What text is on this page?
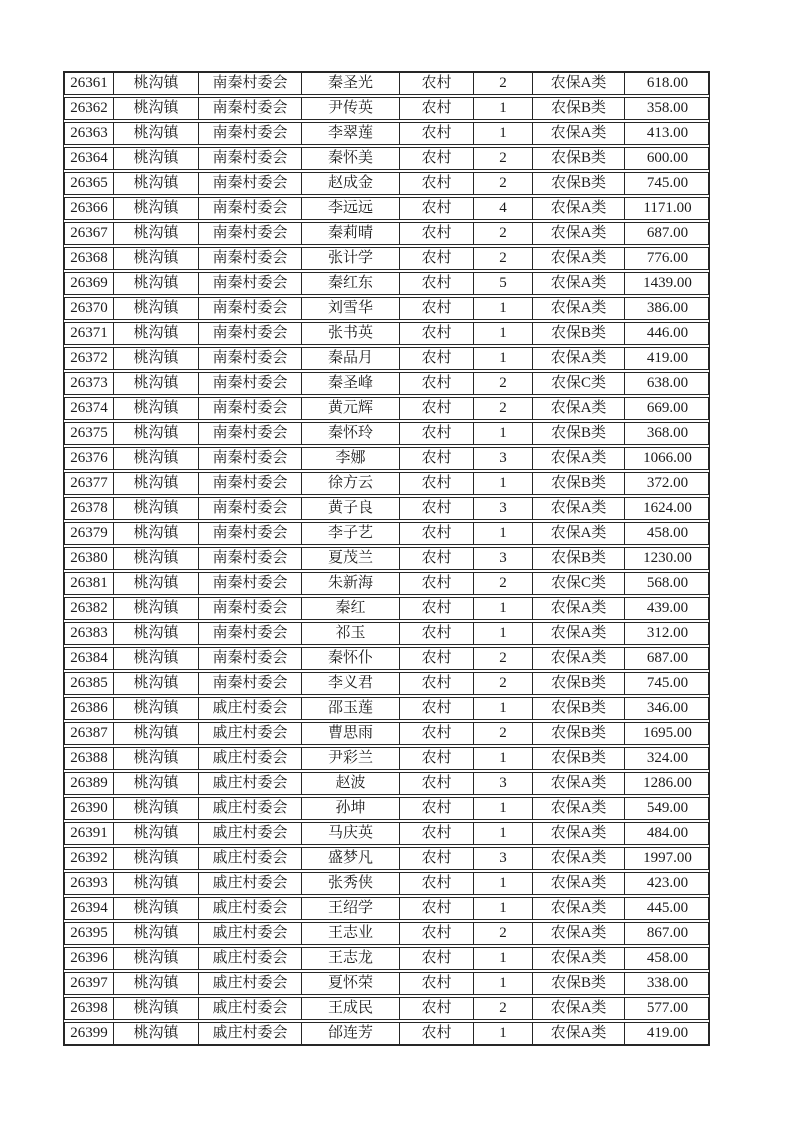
26361	桃沟镇	南秦村委会	秦圣光	农村	2	农保A类	618.00
26362	桃沟镇	南秦村委会	尹传英	农村	1	农保B类	358.00
26363	桃沟镇	南秦村委会	李翠莲	农村	1	农保A类	413.00
26364	桃沟镇	南秦村委会	秦怀美	农村	2	农保B类	600.00
26365	桃沟镇	南秦村委会	赵成金	农村	2	农保B类	745.00
26366	桃沟镇	南秦村委会	李远远	农村	4	农保A类	1171.00
26367	桃沟镇	南秦村委会	秦莉晴	农村	2	农保A类	687.00
26368	桃沟镇	南秦村委会	张计学	农村	2	农保A类	776.00
26369	桃沟镇	南秦村委会	秦红东	农村	5	农保A类	1439.00
26370	桃沟镇	南秦村委会	刘雪华	农村	1	农保A类	386.00
26371	桃沟镇	南秦村委会	张书英	农村	1	农保B类	446.00
26372	桃沟镇	南秦村委会	秦品月	农村	1	农保A类	419.00
26373	桃沟镇	南秦村委会	秦圣峰	农村	2	农保C类	638.00
26374	桃沟镇	南秦村委会	黄元辉	农村	2	农保A类	669.00
26375	桃沟镇	南秦村委会	秦怀玲	农村	1	农保B类	368.00
26376	桃沟镇	南秦村委会	李娜	农村	3	农保A类	1066.00
26377	桃沟镇	南秦村委会	徐方云	农村	1	农保B类	372.00
26378	桃沟镇	南秦村委会	黄子良	农村	3	农保A类	1624.00
26379	桃沟镇	南秦村委会	李子艺	农村	1	农保A类	458.00
26380	桃沟镇	南秦村委会	夏茂兰	农村	3	农保B类	1230.00
26381	桃沟镇	南秦村委会	朱新海	农村	2	农保C类	568.00
26382	桃沟镇	南秦村委会	秦红	农村	1	农保A类	439.00
26383	桃沟镇	南秦村委会	祁玉	农村	1	农保A类	312.00
26384	桃沟镇	南秦村委会	秦怀仆	农村	2	农保A类	687.00
26385	桃沟镇	南秦村委会	李义君	农村	2	农保B类	745.00
26386	桃沟镇	戚庄村委会	邵玉莲	农村	1	农保B类	346.00
26387	桃沟镇	戚庄村委会	曹思雨	农村	2	农保B类	1695.00
26388	桃沟镇	戚庄村委会	尹彩兰	农村	1	农保B类	324.00
26389	桃沟镇	戚庄村委会	赵波	农村	3	农保A类	1286.00
26390	桃沟镇	戚庄村委会	孙坤	农村	1	农保A类	549.00
26391	桃沟镇	戚庄村委会	马庆英	农村	1	农保A类	484.00
26392	桃沟镇	戚庄村委会	盛梦凡	农村	3	农保A类	1997.00
26393	桃沟镇	戚庄村委会	张秀侠	农村	1	农保A类	423.00
26394	桃沟镇	戚庄村委会	王绍学	农村	1	农保A类	445.00
26395	桃沟镇	戚庄村委会	王志业	农村	2	农保A类	867.00
26396	桃沟镇	戚庄村委会	王志龙	农村	1	农保A类	458.00
26397	桃沟镇	戚庄村委会	夏怀荣	农村	1	农保B类	338.00
26398	桃沟镇	戚庄村委会	王成民	农村	2	农保A类	577.00
26399	桃沟镇	戚庄村委会	邰连芳	农村	1	农保A类	419.00
